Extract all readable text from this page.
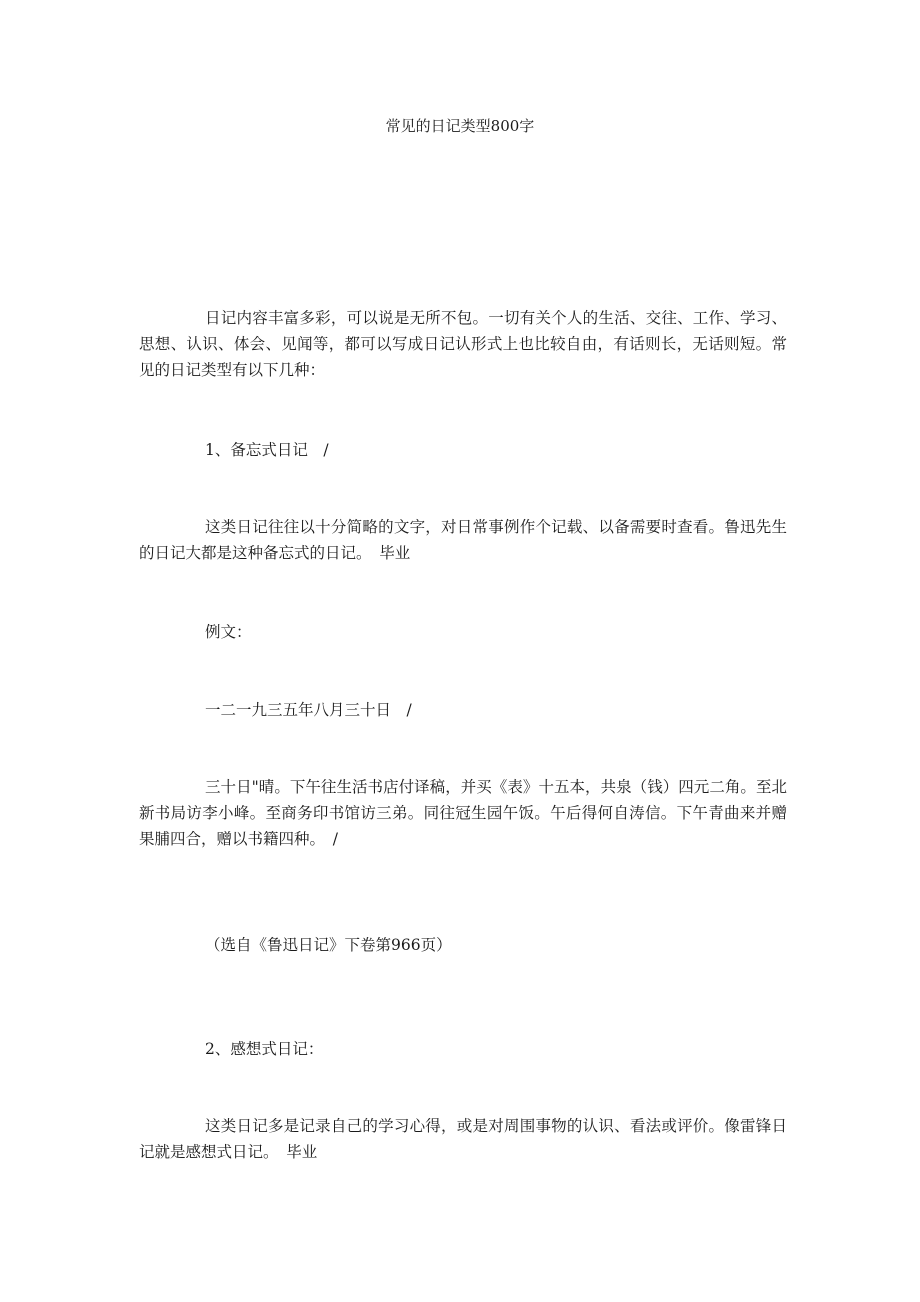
常见的日记类型800字

日记内容丰富多彩，可以说是无所不包。一切有关个人的生活、交往、工作、学习、思想、认识、体会、见闻等，都可以写成日记认形式上也比较自由，有话则长，无话则短。常见的日记类型有以下几种：

1、备忘式日记　/

这类日记往往以十分简略的文字，对日常事例作个记载、以备需要时查看。鲁迅先生的日记大都是这种备忘式的日记。　毕业

例文：
一二一九三五年八月三十日　/

三十日"晴。下午往生活书店付译稿，并买《表》十五本，共泉（钱）四元二角。至北新书局访李小峰。至商务印书馆访三弟。同往冠生园午饭。午后得何自涛信。下午青曲来并赠果脯四合，赠以书籍四种。　/

（选自《鲁迅日记》下卷第966页）
2、感想式日记：

这类日记多是记录自己的学习心得，或是对周围事物的认识、看法或评价。像雷锋日记就是感想式日记。　毕业
